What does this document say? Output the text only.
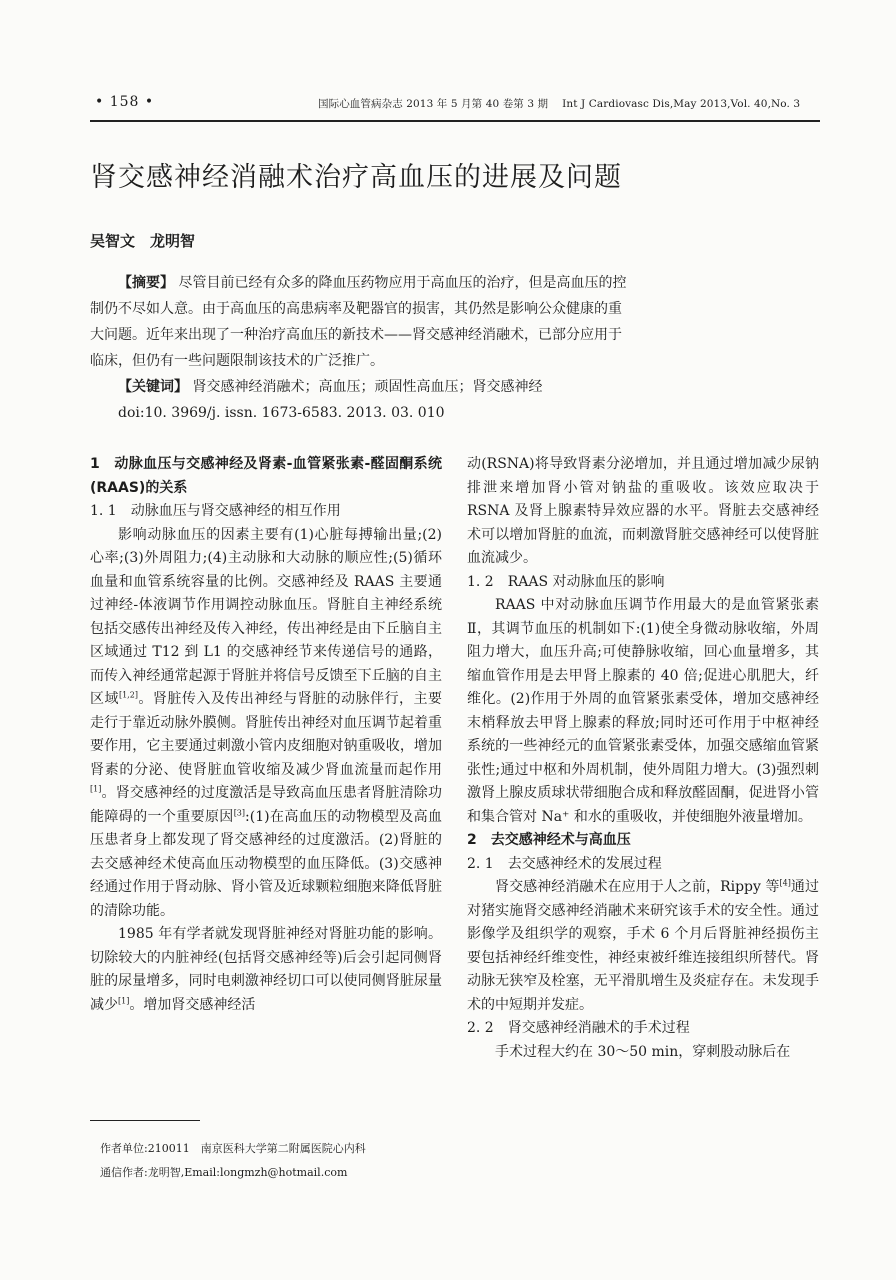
• 158 •	国际心血管病杂志 2013 年 5 月第 40 卷第 3 期　 Int J Cardiovasc Dis,May 2013,Vol. 40,No. 3
肾交感神经消融术治疗高血压的进展及问题
吴智文　龙明智

【摘要】 尽管目前已经有众多的降血压药物应用于高血压的治疗，但是高血压的控

制仍不尽如人意。由于高血压的高患病率及靶器官的损害，其仍然是影响公众健康的重

大问题。近年来出现了一种治疗高血压的新技术——肾交感神经消融术，已部分应用于

临床，但仍有一些问题限制该技术的广泛推广。

【关键词】 肾交感神经消融术；高血压；顽固性高血压；肾交感神经

doi:10. 3969/j. issn. 1673-6583. 2013. 03. 010

1　动脉血压与交感神经及肾素-血管紧张素-醛固酮系统(RAAS)的关系

1. 1　动脉血压与肾交感神经的相互作用

影响动脉血压的因素主要有(1)心脏每搏输出量;(2)心率;(3)外周阻力;(4)主动脉和大动脉的顺应性;(5)循环血量和血管系统容量的比例。交感神经及 RAAS 主要通过神经-体液调节作用调控动脉血压。肾脏自主神经系统包括交感传出神经及传入神经，传出神经是由下丘脑自主区域通过 T12 到 L1 的交感神经节来传递信号的通路，而传入神经通常起源于肾脏并将信号反馈至下丘脑的自主区域[1,2]。肾脏传入及传出神经与肾脏的动脉伴行，主要走行于靠近动脉外膜侧。肾脏传出神经对血压调节起着重要作用，它主要通过刺激小管内皮细胞对钠重吸收，增加肾素的分泌、使肾脏血管收缩及减少肾血流量而起作用[1]。肾交感神经的过度激活是导致高血压患者肾脏清除功能障碍的一个重要原因[3]:(1)在高血压的动物模型及高血压患者身上都发现了肾交感神经的过度激活。(2)肾脏的去交感神经术使高血压动物模型的血压降低。(3)交感神经通过作用于肾动脉、肾小管及近球颗粒细胞来降低肾脏的清除功能。

1985 年有学者就发现肾脏神经对肾脏功能的影响。切除较大的内脏神经(包括肾交感神经等)后会引起同侧肾脏的尿量增多，同时电刺激神经切口可以使同侧肾脏尿量减少[1]。增加肾交感神经活

作者单位:210011　南京医科大学第二附属医院心内科
通信作者:龙明智,Email:longmzh@hotmail.com

动(RSNA)将导致肾素分泌增加，并且通过增加减少尿钠排泄来增加肾小管对钠盐的重吸收。该效应取决于 RSNA 及肾上腺素特异效应器的水平。肾脏去交感神经术可以增加肾脏的血流，而刺激肾脏交感神经可以使肾脏血流减少。

1. 2　RAAS 对动脉血压的影响

RAAS 中对动脉血压调节作用最大的是血管紧张素Ⅱ，其调节血压的机制如下:(1)使全身微动脉收缩，外周阻力增大，血压升高;可使静脉收缩，回心血量增多，其缩血管作用是去甲肾上腺素的 40 倍;促进心肌肥大，纤维化。(2)作用于外周的血管紧张素受体，增加交感神经末梢释放去甲肾上腺素的释放;同时还可作用于中枢神经系统的一些神经元的血管紧张素受体，加强交感缩血管紧张性;通过中枢和外周机制，使外周阻力增大。(3)强烈刺激肾上腺皮质球状带细胞合成和释放醛固酮，促进肾小管和集合管对 Na⁺ 和水的重吸收，并使细胞外液量增加。

2　去交感神经术与高血压

2. 1　去交感神经术的发展过程

肾交感神经消融术在应用于人之前，Rippy 等[4]通过对猪实施肾交感神经消融术来研究该手术的安全性。通过影像学及组织学的观察，手术 6 个月后肾脏神经损伤主要包括神经纤维变性，神经束被纤维连接组织所替代。肾动脉无狭窄及栓塞，无平滑肌增生及炎症存在。未发现手术的中短期并发症。

2. 2　肾交感神经消融术的手术过程

手术过程大约在 30～50 min，穿刺股动脉后在
